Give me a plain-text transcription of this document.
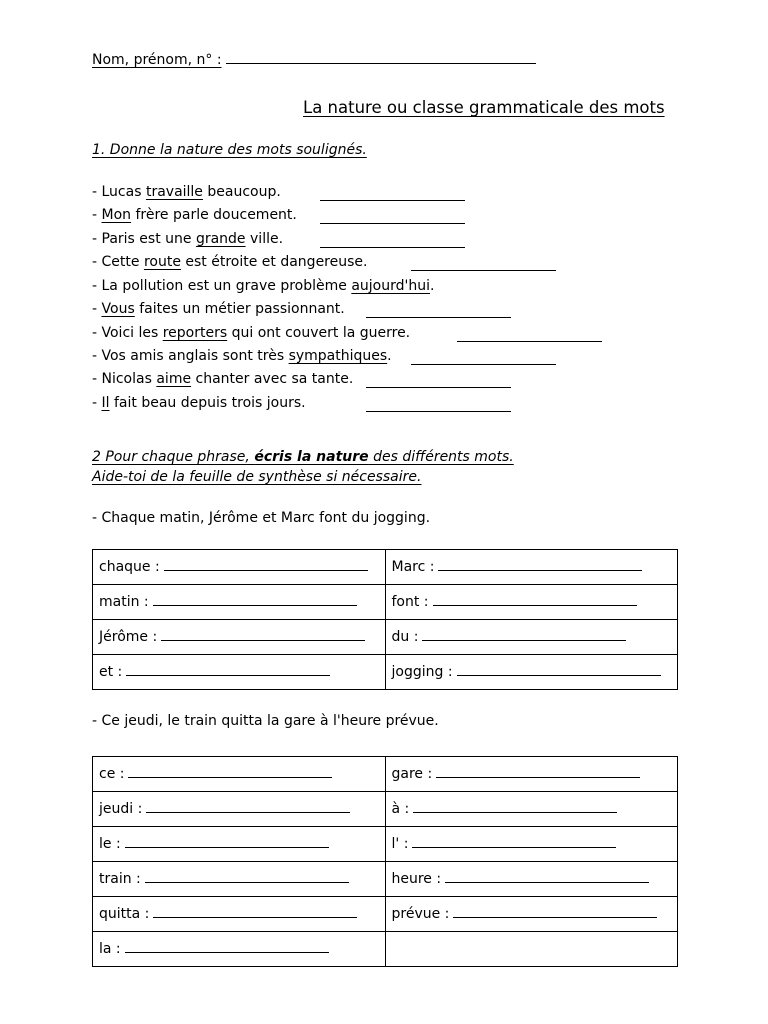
Nom, prénom, n° :
La nature ou classe grammaticale des mots
1. Donne la nature des mots soulignés.
- Lucas travaille beaucoup.
- Mon frère parle doucement.
- Paris est une grande ville.
- Cette route est étroite et dangereuse.
- La pollution est un grave problème aujourd'hui.
- Vous faites un métier passionnant.
- Voici les reporters qui ont couvert la guerre.
- Vos amis anglais sont très sympathiques.
- Nicolas aime chanter avec sa tante.
- Il fait beau depuis trois jours.
2 Pour chaque phrase, écris la nature des différents mots.
Aide-toi de la feuille de synthèse si nécessaire.
- Chaque matin, Jérôme et Marc font du jogging.
chaque :	Marc :
matin :	font :
Jérôme :	du :
et :	jogging :
- Ce jeudi, le train quitta la gare à l'heure prévue.
ce :	gare :
jeudi :	à :
le :	l' :
train :	heure :
quitta :	prévue :
la :	
